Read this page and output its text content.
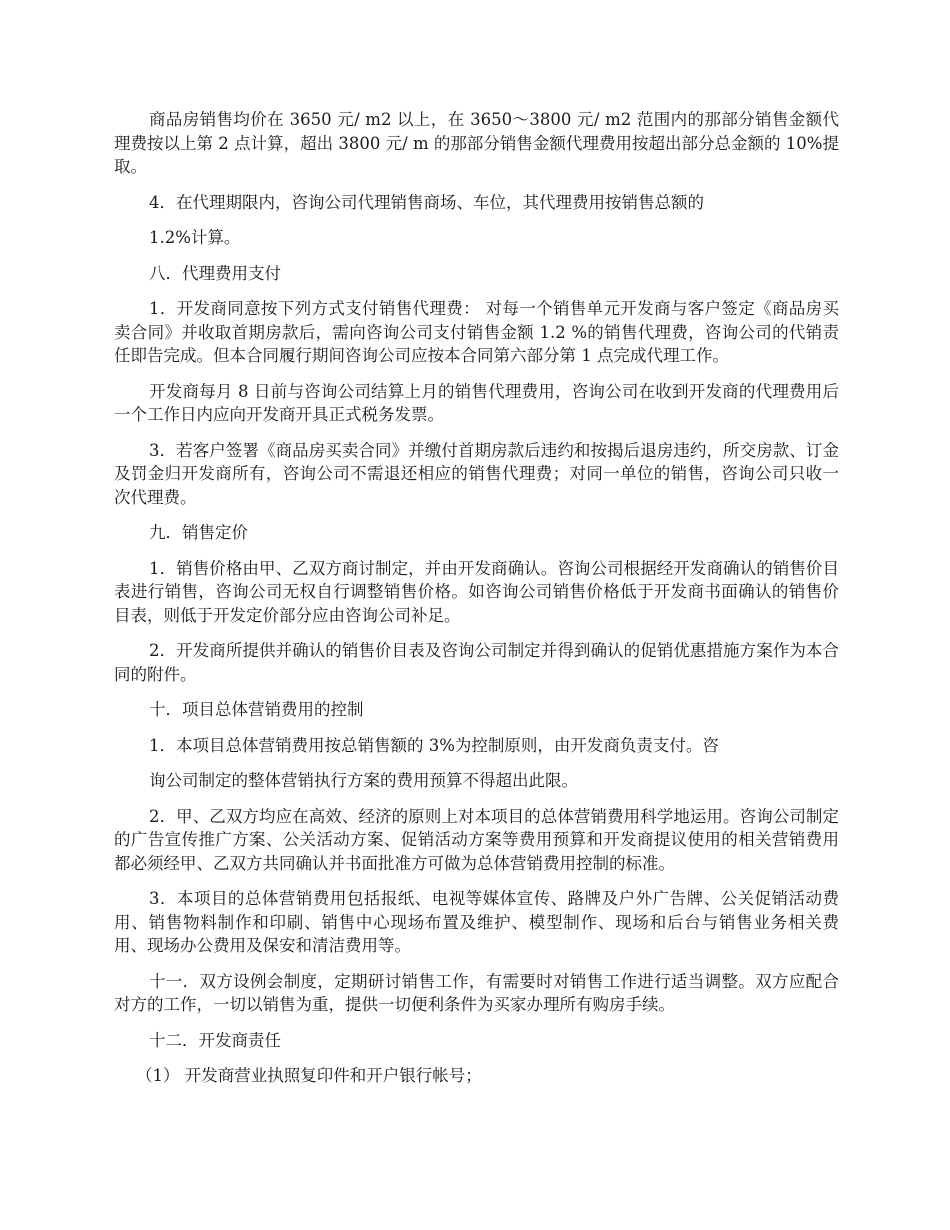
商品房销售均价在 3650 元/ m2 以上，在 3650～3800 元/ m2 范围内的那部分销售金额代理费按以上第 2 点计算，超出 3800 元/ m 的那部分销售金额代理费用按超出部分总金额的 10%提取。

4．在代理期限内，咨询公司代理销售商场、车位，其代理费用按销售总额的

1.2%计算。

八．代理费用支付

1．开发商同意按下列方式支付销售代理费： 对每一个销售单元开发商与客户签定《商品房买卖合同》并收取首期房款后，需向咨询公司支付销售金额 1.2 %的销售代理费，咨询公司的代销责任即告完成。但本合同履行期间咨询公司应按本合同第六部分第 1 点完成代理工作。

开发商每月 8 日前与咨询公司结算上月的销售代理费用，咨询公司在收到开发商的代理费用后一个工作日内应向开发商开具正式税务发票。

3．若客户签署《商品房买卖合同》并缴付首期房款后违约和按揭后退房违约，所交房款、订金及罚金归开发商所有，咨询公司不需退还相应的销售代理费；对同一单位的销售，咨询公司只收一次代理费。

九．销售定价

1．销售价格由甲、乙双方商讨制定，并由开发商确认。咨询公司根据经开发商确认的销售价目表进行销售，咨询公司无权自行调整销售价格。如咨询公司销售价格低于开发商书面确认的销售价目表，则低于开发定价部分应由咨询公司补足。

2．开发商所提供并确认的销售价目表及咨询公司制定并得到确认的促销优惠措施方案作为本合同的附件。

十．项目总体营销费用的控制

1．本项目总体营销费用按总销售额的 3%为控制原则，由开发商负责支付。咨

询公司制定的整体营销执行方案的费用预算不得超出此限。

2．甲、乙双方均应在高效、经济的原则上对本项目的总体营销费用科学地运用。咨询公司制定的广告宣传推广方案、公关活动方案、促销活动方案等费用预算和开发商提议使用的相关营销费用都必须经甲、乙双方共同确认并书面批准方可做为总体营销费用控制的标准。

3．本项目的总体营销费用包括报纸、电视等媒体宣传、路牌及户外广告牌、公关促销活动费用、销售物料制作和印刷、销售中心现场布置及维护、模型制作、现场和后台与销售业务相关费用、现场办公费用及保安和清洁费用等。

十一．双方设例会制度，定期研讨销售工作，有需要时对销售工作进行适当调整。双方应配合对方的工作，一切以销售为重，提供一切便利条件为买家办理所有购房手续。

十二．开发商责任

（1） 开发商营业执照复印件和开户银行帐号；
